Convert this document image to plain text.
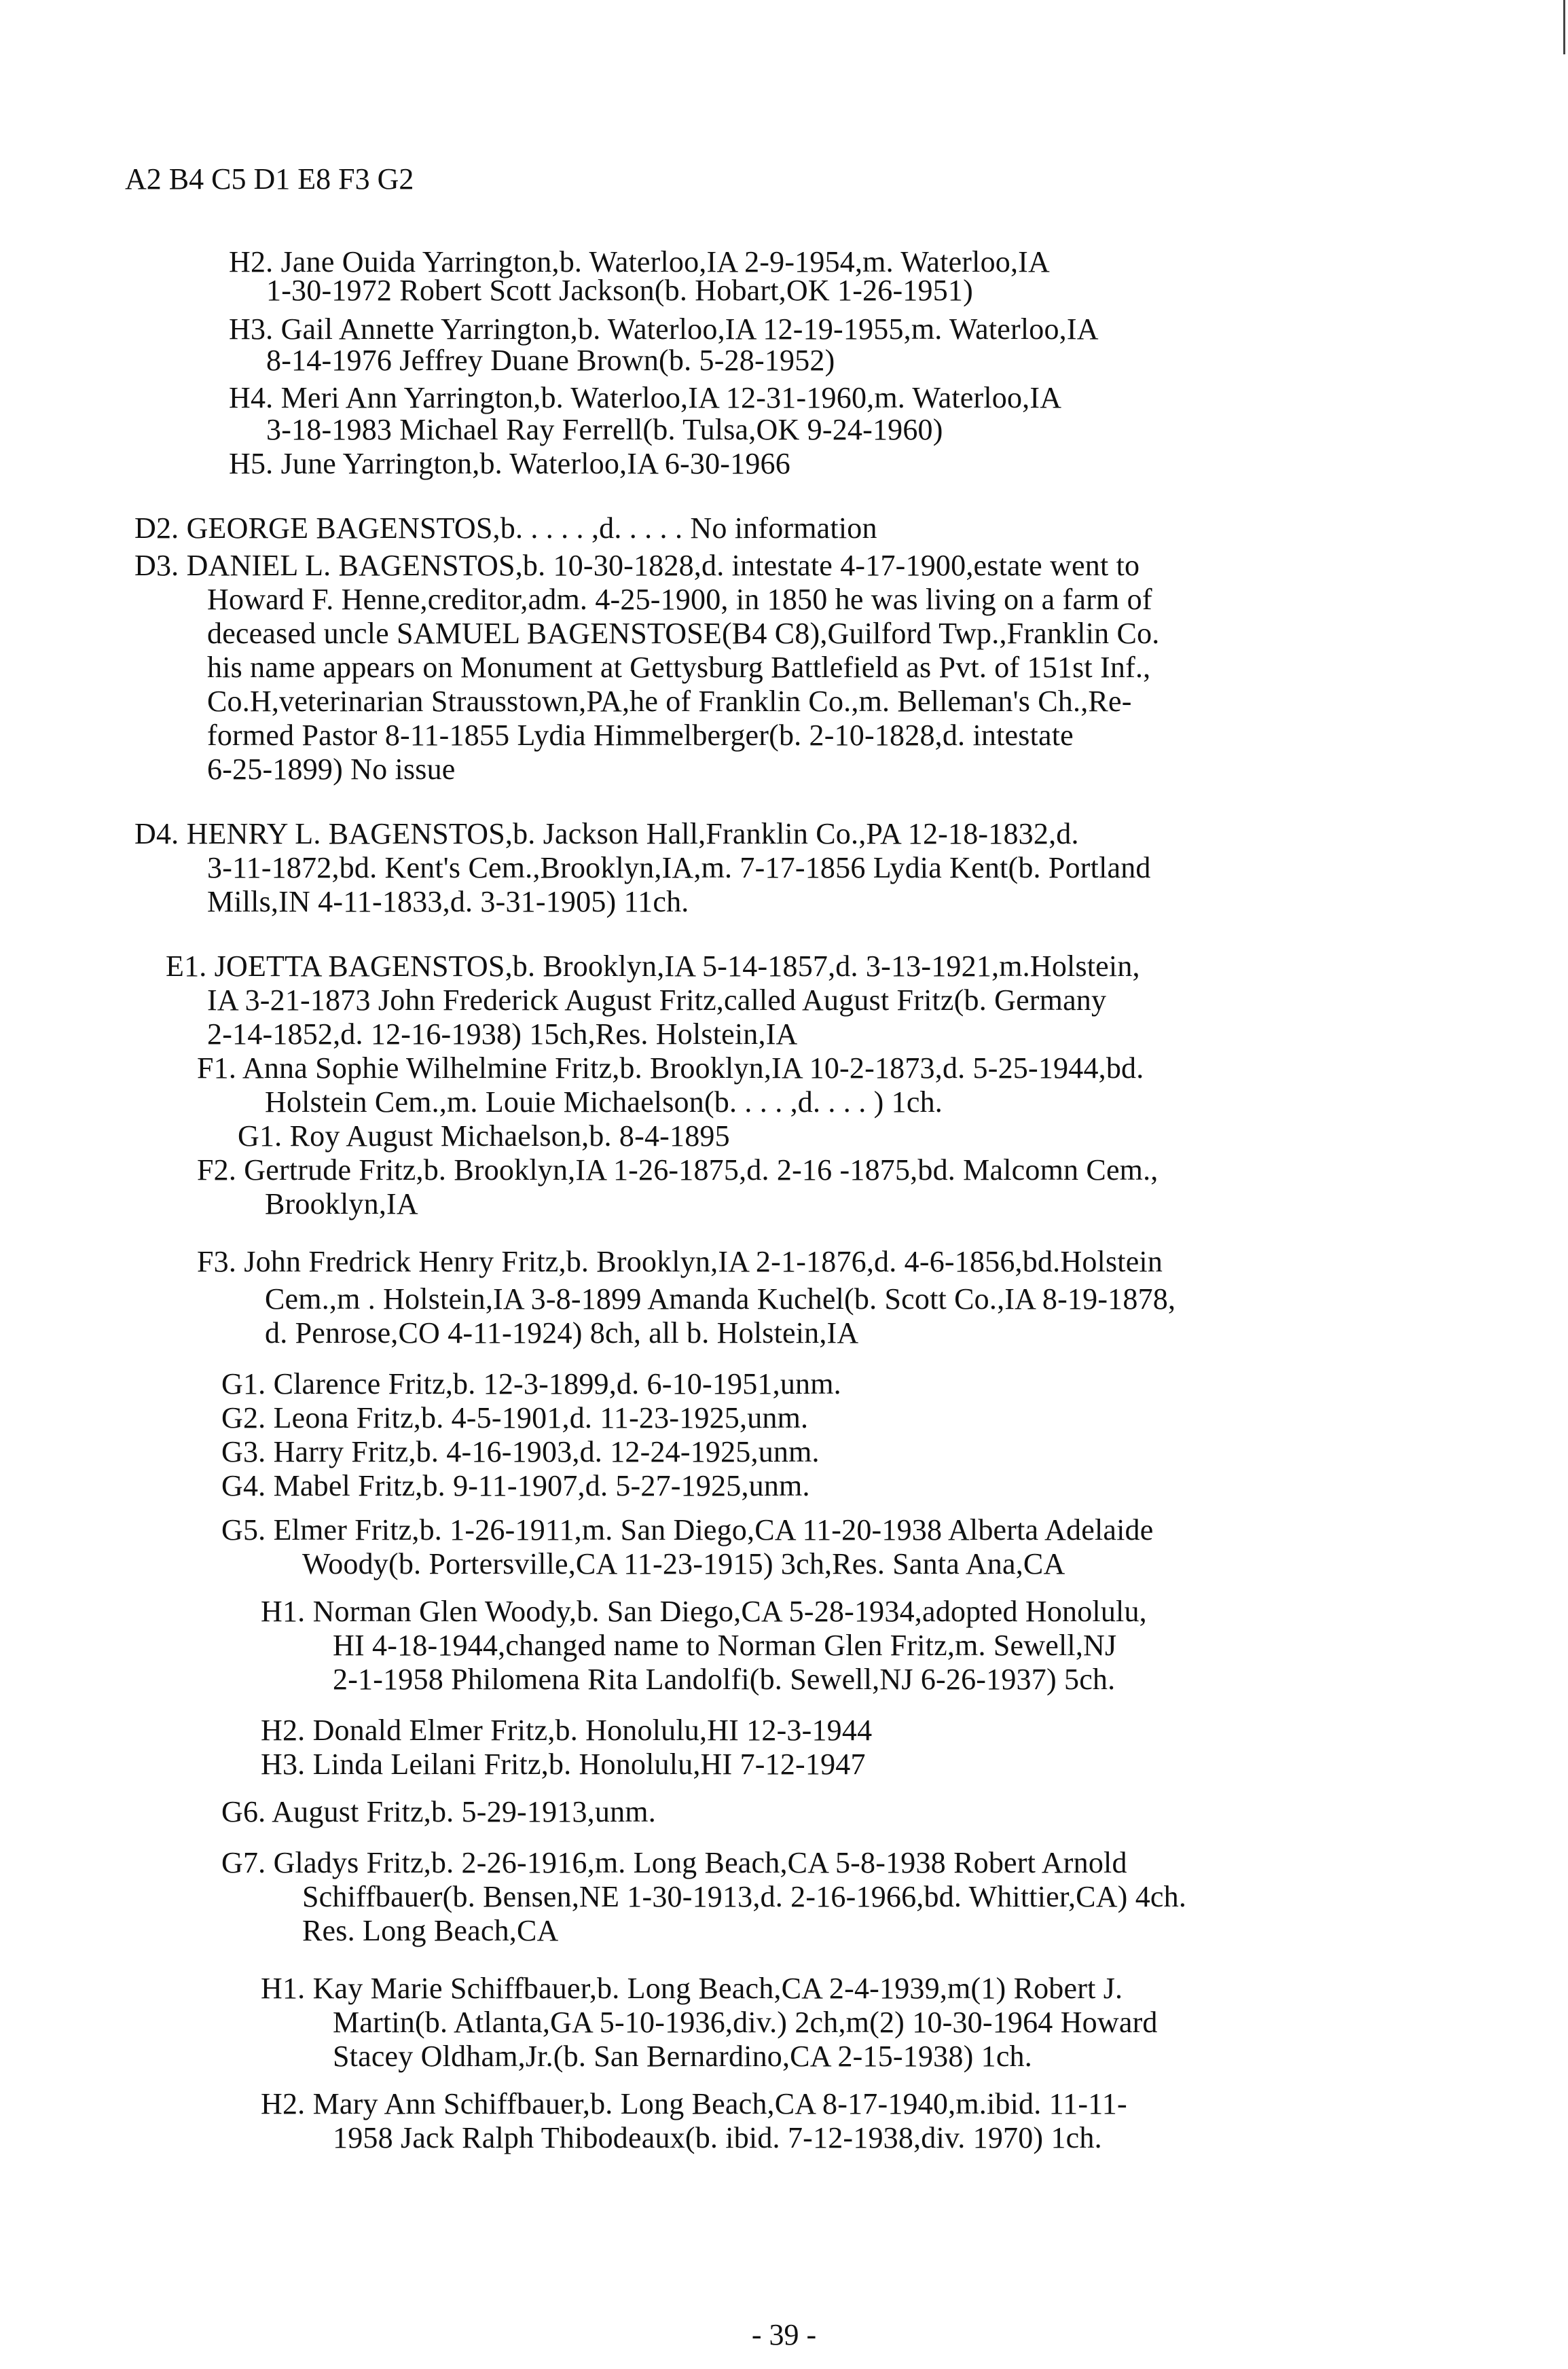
A2 B4 C5 D1 E8 F3 G2
H2. Jane Ouida Yarrington,b. Waterloo,IA 2-9-1954,m. Waterloo,IA
1-30-1972 Robert Scott Jackson(b. Hobart,OK 1-26-1951)
H3. Gail Annette Yarrington,b. Waterloo,IA 12-19-1955,m. Waterloo,IA
8-14-1976 Jeffrey Duane Brown(b. 5-28-1952)
H4. Meri Ann Yarrington,b. Waterloo,IA 12-31-1960,m. Waterloo,IA
3-18-1983 Michael Ray Ferrell(b. Tulsa,OK 9-24-1960)
H5. June Yarrington,b. Waterloo,IA 6-30-1966
D2. GEORGE BAGENSTOS,b. . . . . ,d. . . . . No information
D3. DANIEL L. BAGENSTOS,b. 10-30-1828,d. intestate 4-17-1900,estate went to
Howard F. Henne,creditor,adm. 4-25-1900, in 1850 he was living on a farm of
deceased uncle SAMUEL BAGENSTOSE(B4 C8),Guilford Twp.,Franklin Co.
his name appears on Monument at Gettysburg Battlefield as Pvt. of 151st Inf.,
Co.H,veterinarian Strausstown,PA,he of Franklin Co.,m. Belleman's Ch.,Re-
formed Pastor 8-11-1855 Lydia Himmelberger(b. 2-10-1828,d. intestate
6-25-1899) No issue
D4. HENRY L. BAGENSTOS,b. Jackson Hall,Franklin Co.,PA 12-18-1832,d.
3-11-1872,bd. Kent's Cem.,Brooklyn,IA,m. 7-17-1856 Lydia Kent(b. Portland
Mills,IN 4-11-1833,d. 3-31-1905) 11ch.
E1. JOETTA BAGENSTOS,b. Brooklyn,IA 5-14-1857,d. 3-13-1921,m.Holstein,
IA 3-21-1873 John Frederick August Fritz,called August Fritz(b. Germany
2-14-1852,d. 12-16-1938) 15ch,Res. Holstein,IA
F1. Anna Sophie Wilhelmine Fritz,b. Brooklyn,IA 10-2-1873,d. 5-25-1944,bd.
Holstein Cem.,m. Louie Michaelson(b. . . . ,d. . . . ) 1ch.
G1. Roy August Michaelson,b. 8-4-1895
F2. Gertrude Fritz,b. Brooklyn,IA 1-26-1875,d. 2-16 -1875,bd. Malcomn Cem.,
Brooklyn,IA
F3. John Fredrick Henry Fritz,b. Brooklyn,IA 2-1-1876,d. 4-6-1856,bd.Holstein
Cem.,m . Holstein,IA 3-8-1899 Amanda Kuchel(b. Scott Co.,IA 8-19-1878,
d. Penrose,CO 4-11-1924) 8ch, all b. Holstein,IA
G1. Clarence Fritz,b. 12-3-1899,d. 6-10-1951,unm.
G2. Leona Fritz,b. 4-5-1901,d. 11-23-1925,unm.
G3. Harry Fritz,b. 4-16-1903,d. 12-24-1925,unm.
G4. Mabel Fritz,b. 9-11-1907,d. 5-27-1925,unm.
G5. Elmer Fritz,b. 1-26-1911,m. San Diego,CA 11-20-1938 Alberta Adelaide
Woody(b. Portersville,CA 11-23-1915) 3ch,Res. Santa Ana,CA
H1. Norman Glen Woody,b. San Diego,CA 5-28-1934,adopted Honolulu,
HI 4-18-1944,changed name to Norman Glen Fritz,m. Sewell,NJ
2-1-1958 Philomena Rita Landolfi(b. Sewell,NJ 6-26-1937) 5ch.
H2. Donald Elmer Fritz,b. Honolulu,HI 12-3-1944
H3. Linda Leilani Fritz,b. Honolulu,HI 7-12-1947
G6. August Fritz,b. 5-29-1913,unm.
G7. Gladys Fritz,b. 2-26-1916,m. Long Beach,CA 5-8-1938 Robert Arnold
Schiffbauer(b. Bensen,NE 1-30-1913,d. 2-16-1966,bd. Whittier,CA) 4ch.
Res. Long Beach,CA
H1. Kay Marie Schiffbauer,b. Long Beach,CA 2-4-1939,m(1) Robert J.
Martin(b. Atlanta,GA 5-10-1936,div.) 2ch,m(2) 10-30-1964 Howard
Stacey Oldham,Jr.(b. San Bernardino,CA 2-15-1938) 1ch.
H2. Mary Ann Schiffbauer,b. Long Beach,CA 8-17-1940,m.ibid. 11-11-
1958 Jack Ralph Thibodeaux(b. ibid. 7-12-1938,div. 1970) 1ch.
- 39 -
